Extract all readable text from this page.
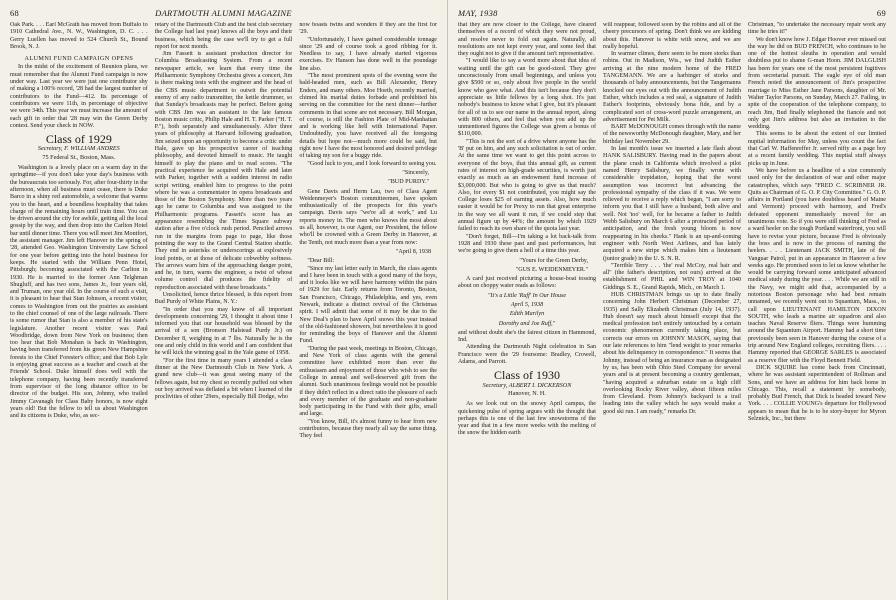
68	DARTMOUTH ALUMNI MAGAZINE

Oak Park. . . . Earl McGrath has moved from Buffalo to 1910 Cathedral Ave., N. W., Washington, D. C. . . . Gerry Luellen has moved to 524 Church St., Bound Brook, N. J.

ALUMNI FUND CAMPAIGN OPENS

In the midst of the excitement of Reunion plans, we must remember that the Alumni Fund campaign is now under way. Last year we were just one contributor shy of making a 100% record, '28 had the largest number of contributors to the Fund—412. Its percentage of contributors we were 11th, in percentage of objective we were 34th. This year we must increase the amount of each gift in order that '28 may win the Green Derby contest. Send your check in NOW.

Class of 1929
Secretary, F. WILLIAM ANDRES
75 Federal St., Boston, Mass.

Washington is a lovely place on a warm day in the springtime—if you don't take your day's business with the bureaucrats too seriously. For, after four-thirty in the afternoon, when all business must cease, there is Duke Barco in a shiny red automobile, a welcome that warms you to the heart, and a boundless hospitality that takes charge of the remaining hours until train time. You can be driven around the city for awhile, getting all the local gossip by the way, and then drop into the Carlton Hotel bar until dinner time. There you will meet Jim Montfort, the assistant manager. Jim left Hanover in the spring of '28, attended Geo. Washington University Law School for one year before getting into the hotel business for keeps. He started with the William Penn Hotel, Pittsburgh; becoming associated with the Carlton in 1930. He is married to the former Ann Telghman Shugluff, and has two sons, James Jr., four years old, and Truman, one year old. In the course of such a visit, it is pleasant to hear that Stan Johnson, a recent visitor, comes to Washington from out the prairies as assistant to the chief counsel of one of the large railroads. There is some rumor that Stan is also a member of his state's legislature. Another recent visitor was Paul Woodbridge, down from New York on business; then too hear that Bob Monahan is back in Washington, having been transferred from his green New Hampshire forests to the Chief Forester's office; and that Bob Lyle is enjoying great success as a teacher and coach at the Friends' School. Duke himself does well with the telephone company, having been recently transferred from supervisor of the long distance office to be director of the budget. His son, Johnny, who trailed Jimmy Cavanagh for Class Baby honors, is now eight years old! But the fellow to tell us about Washington and its citizens is Duke, who, as sec-

retary of the Dartmouth Club and the best club secretary the College had last year) knows all the boys and their business, which being the case we'll try to get a full report for next month.

Jim Fassett is assistant production director for Columbia Broadcasting System. From a recent newspaper article, we learn that every time the Philharmonic Symphony Orchestra gives a concert, Jim is there making tests with the engineer and the head of the CBS music department to outwit the potential enemy of any radio transmitter, the kettle drummer, so that Sunday's broadcasts may be perfect. Before going with CBS Jim was an assistant to the late famous Boston music critic, Philip Hale and H. T. Parker ("H. T. P."), both separately and simultaneously. After three years of philosophy at Harvard following graduation, Jim seized upon an opportunity to become a critic under Hale, gave up his prospective career of teaching philosophy, and devoted himself to music. He taught himself to play the piano and to read scores. "The practical experience he acquired with Hale and later with Parker, together with a sudden interest in radio script writing, enabled him to progress to the point where he was a commentator in opera broadcasts and those of the Boston Symphony. More than two years ago he came to Columbia and was assigned to the Philharmonic programs. Fassett's score has an appearance resembling the Times Square subway station after a five o'clock rush period. Penciled arrows run in the margins from page to page, like those pointing the way to the Grand Central Station shuttle. They end in asterisks or underscorings at explosively loud points, or at those of delicate cobwebby softness. The arrows warn him of the approaching danger point, and he, in turn, warns the engineer, a twist of whose volume control dial produces the fidelity of reproduction associated with these broadcasts."

Unsolicited, hence thrice blessed, is this report from Bud Purdy of White Plains, N. Y.:

"In order that you may know of all important developments concerning '29, I thought it about time I informed you that our household was blessed by the arrival of a son (Bronson Halstead Purdy Jr.) on December 8, weighing in at 7 lbs. Naturally he is the one and only child in this world and I am confident that he will kick the winning goal in the Yale game of 1958.

"For the first time in many years I attended a class dinner at the New Dartmouth Club in New York. A grand new club—it was great seeing many of the fellows again, but my chest so recently puffed out when our boy arrived was deflated a bit when I learned of the proclivities of other '29ers, especially Bill Dodge, who

now boasts twins and wonders if they are the first for '29.

"Unfortunately, I have gained considerable tonnage since '29 and of course took a good ribbing for it. Needless to say, I have already started vigorous exercises. Ev Hanson has done well in the poundage line also.

"The most prominent spots of the evening were the bald-headed men, such as Bill Alexander, Henry Enders, and many others. Moe Hoeth, recently married, chimed his marital duties forbade and prohibited his serving on the committee for the next dinner—further comments in that scene are not necessary. Bill Morgan, of course, is still the Fashion Plate of Mid-Manhattan and is working like hell with International Paper. Undoubtedly, you have received all the foregoing details but hope not—much more could be said, but right now I have the most honored and desired privilege of taking my son for a buggy ride.

"Good luck to you, and I look forward to seeing you.

"Sincerely,
"BUD PURDY."

Gene Davis and Herm Lau, two of Class Agent Weidenmeyer's Boston committeemen, have spoken enthusiastically of the prospects for this year's campaign. Davis says "we're all at work," and Lu reports money in. The men who knows the most about us all, however, is our Agent, our President, the fellow who'll be crowned with a Green Derby in Hanover, at the Tenth, not much more than a year from now:

"April 8, 1938

"Dear Bill:

"Since my last letter early in March, the class agents and I have been in touch with a good many of the boys, and it looks like we will have harmony within the pairs of 1929 for fair. Early returns from Toronto, Boston, San Francisco, Chicago, Philadelphia, and yes, even Newark, indicate a distinct revival of the Christmas spirit. I will admit that some of it may be due to the New Deal's plan to have April snows this year instead of the old-fashioned showers, but nevertheless it is good for reminding the boys of Hanover and the Alumni Fund.

"During the past week, meetings in Boston, Chicago, and New York of class agents with the general committee have exhibited more than ever the enthusiasm and enjoyment of those who wish to see the College in annual and well-deserved gift from the alumni. Such unanimous feelings would not be possible if they didn't reflect in a direct ratio the pleasure of each and every member of the graduate and non-graduate body participating in the Fund with their gifts, small and large.

"You know, Bill, it's almost funny to hear from new contributors, because they nearly all say the same thing. They feel

MAY, 1938	69

that they are now closer to the College, have cleared themselves of a record of which they were not proud, and resolve never to fold out again. Naturally, all resolutions are not kept every year, and some feel that they ought not to give if the amount isn't representative.

"I would like to say a word more about that idea of waiting until the gift can be good-sized. They give unconsciously from small beginnings, and unless you give $500 or so, only about five people in the world know who gave what. And this isn't because they don't appreciate us little fellows by a long shot. It's just nobody's business to know what I give, but it's pleasant for all of us to see our name in the annual report, along with 800 others, and feel that when you add up the unmentioned figures the College was given a bonus of $110,000.

"This is not the sort of a drive where anyone has the 'B' put on him, and any such solicitation is out of order. At the same time we want to get this point across to everyone of the boys, that this annual gift, as current rates of interest on high-grade securities, is worth just exactly as much as an endowment fund increase of $3,000,000. But who is going to give us that much? Also, for every $1 not contributed, you might say the College loses $25 of earning assets. Also, how much easier it would be for Prexy to run that great enterprise in the way we all want it run, if we could step that annual figure up by 44%; the amount by which 1929 failed to reach its own share of the quota last year.

"Don't forget, Bill—I'm taking a lot back-talk from 1928 and 1930 these past and past performances, but we're going to give them a hell of a time this year.

"Yours for the Green Derby,
"GUS E. WEIDENMEYER."

A card just received picturing a house-boat tossing about on choppy water reads as follows:

"It's a Little 'Ruff' In Our House
April 5, 1938
Edith Marilyn
Dorothy and Joe Ruff,"

and without doubt she's the fairest citizen in Hammond, Ind.

Attending the Dartmouth Night celebration in San Francisco were the '29 foursome: Bradley, Crowell, Adams, and Parrott.

Class of 1930
Secretary, ALBERT I. DICKERSON
Hanover, N. H.

As we look out on the snowy April campus, the quickening pulse of spring argues with the thought that perhaps this is one of the last few snowstorms of the year and that in a few more weeks with the melting of the snow the hidden earth

will reappear, followed soon by the robins and all of the cheery precursors of spring. Don't think we are kidding about this. Hanover is white with snow, and we are really hopeful.

In warmer climes, there seem to be more storks than robins. Out in Madison, Wis., we find Judith Esther arriving at the nine modern home of the FRED TANGEMANN. We are a harbinger of storks and thousands of baby announcements, but the Tangemanns knocked our eyes out with the announcement of Judith Esther, which includes a red seal, a signature of Judith Esther's footprints, obviously bona fide, and by a complicated sort of cross-word puzzle arrangement, an advertisement for Pet Milk.

BART McDONOUGH comes through with the name of the newsworthy McDonough daughter, Mary, and her birthday last November 29.

In last month's issue we inserted a late flash about HANK SALISBURY. Having read in the papers about the plane crash in California which involved a pilot named Henry Salisbury, we finally wrote with considerable trepidation, hoping that the worst assumption was incorrect but advancing the professional sympathy of the class if it was. We were relieved to receive a reply which began, "I am sorry to inform you that I still have a husband, both alive and well. Not 'too' well, for he became a father to Judith Webb Salisbury on March 6 after a protracted period of anticipation, and the fresh young bloom is now reappearing in his cheeks." Hank is an up-and-coming engineer with North West Airlines, and has lately acquired a new stripe which makes him a lieutenant (junior grade) in the U. S. N. R.

"Terrible Terry . . . 'the' real McCoy, real hair and all" (the father's description, not ours) arrived at the establishment of PHIL and WIN TROY at 1040 Giddings S. E., Grand Rapids, Mich., on March 1.

HUB CHRISTMAN brings us up to date finally concerning John Herbert Christman (December 27, 1935) and Sally Elizabeth Christman (July 14, 1937). Hub doesn't say much about himself except that the medical profession isn't entirely untouched by a certain economic phenomenon currently taking place, but corrects our errors on JOHNNY MASON, saying that our late references to him "lend weight to your remarks about his delinquency in correspondence." It seems that Johnny, instead of being an insurance man as designated by us, has been with Ohio Steel Company for several years and is at present becoming a country gentleman, "having acquired a suburban estate on a high cliff overlooking Rocky River valley, about fifteen miles from Cleveland. From Johnny's backyard is a trail leading into the valley which he says would make a good ski run. I am ready," remarks Dr.

Christman, "to undertake the necessary repair work any time he tries it!"

We don't know how J. Edgar Hoover ever missed out the way he did on BUD FRENCH, who continues to be one of the hottest sleuths in operation and would doubtless put to shame G-man Hoon. JIM DALGLISH has been for years one of the most persistent fugitives from secretarial pursuit. The eagle eye of old man French noted the announcement of Jim's prospective marriage to Miss Esther Jane Parsons, daughter of Mr. Walter Taylor Parsons, on Sunday, March 27. Failing, in spite of the cooperation of the telephone company, to reach Jim, Bud finally telephoned the fiancée and not only got Jim's address but also an invitation to the wedding.

This seems to be about the extent of our limited nuptial information for May, unless you count the fact that Carl W. Haffenreffer Jr. served nifty as a page boy at a recent family wedding. This nuptial stuff always picks up in June.

We have before us a headline of a size commonly used only for the declaration of war and other major catastrophes, which says "FRED C. SCRIBNER JR. Quits as Chairman of G. O. P. City Committee." G. O. P. affairs in Portland (you have doubtless heard of Maine and Vermont) proceed with harmony, and Fred's defeated opponent immediately moved for an unanimous vote. So if you were still thinking of Fred as a ward heeler on the tough Portland waterfront, you will have to revise your picture, because Fred is obviously the boss and is now in the process of naming the heelers. . . . Lieutenant JACK SMITH, late of the Vanguar Patrol, put in an appearance in Hanover a few weeks ago. He promised soon to let us know whether he would be carrying forward some anticipated advanced medical study during the year. . . . While we are still in the Navy, we might add that, accompanied by a notorious Boston personage who had best remain unnamed, we recently went out to Squantum, Mass., to call upon LIEUTENANT HAMILTON DIXON SOUTH, who leads a marine air squadron and also teaches Naval Reserve fliers. Things were humming around the Squantum Airport. Hammy had a short time previously been seen in Hanover during the course of a trip around New England colleges, recruiting fliers. . . . Hammy reported that GEORGE SARLES is associated as a reserve flier with the Floyd Bennett Field.

DICK SQUIRE has come back from Cincinnati, where he was assistant superintendent of Rollman and Sons, and we have an address for him back home in Chicago. This, recall a statement by somebody, probably Bud French, that Dick is headed toward New York. . . . COLLIE YOUNG's departure for Hollywood appears to mean that he is to be story-buyer for Myron Selznick, Inc., but there
